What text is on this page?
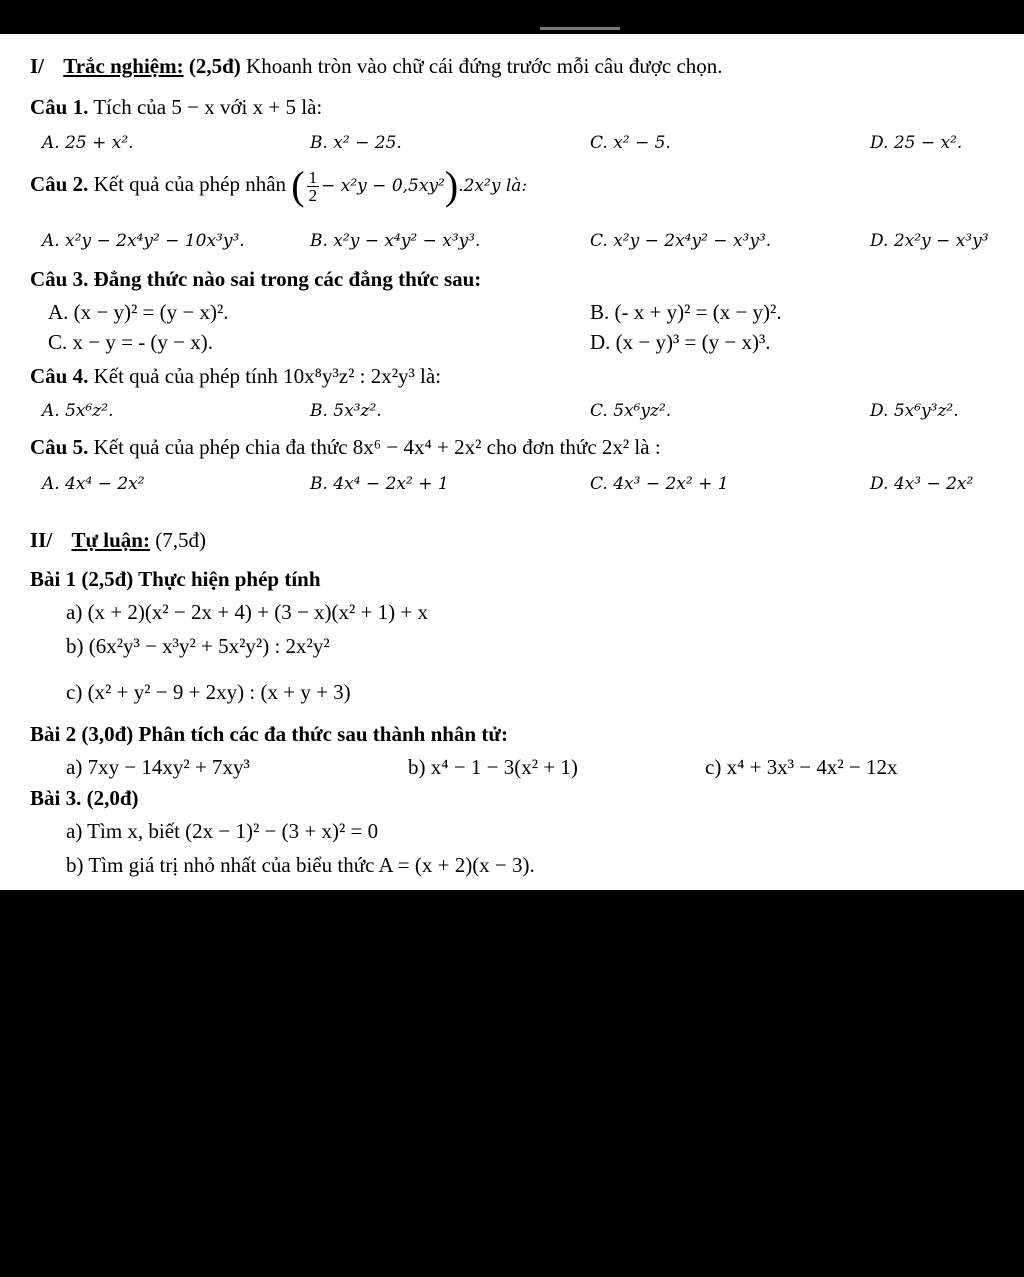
I/ Trắc nghiệm: (2,5đ) Khoanh tròn vào chữ cái đứng trước mỗi câu được chọn.
Câu 1. Tích của 5 − x với x + 5 là:
A. 25 + x².	B. x² − 25.	C. x² − 5.	D. 25 − x².
Câu 2. Kết quả của phép nhân ( $\frac{1}{2} - x^2y - 0,5xy^2).2x^2y$ là:
A. x²y − 2x⁴y² − 10x³y³.	B. x²y − x⁴y² − x³y³.	C. x²y − 2x⁴y² − x³y³.	D. 2x²y − x³y³
Câu 3. Đẳng thức nào sai trong các đẳng thức sau:
A. (x − y)² = (y − x)².	B. (- x + y)² = (x − y)².
C. x − y = - (y − x).	D. (x − y)³ = (y − x)³.
Câu 4. Kết quả của phép tính 10x⁸y³z² : 2x²y³ là:
A. 5x⁶z².	B. 5x³z².	C. 5x⁶yz².	D. 5x⁶y³z².
Câu 5. Kết quả của phép chia đa thức 8x⁶ − 4x⁴ + 2x² cho đơn thức 2x² là :
A. 4x⁴ − 2x²	B. 4x⁴ − 2x² + 1	C. 4x³ − 2x² + 1	D. 4x³ − 2x²
II/ Tự luận: (7,5đ)
Bài 1 (2,5đ) Thực hiện phép tính
a) (x + 2)(x² − 2x + 4) + (3 − x)(x² + 1) + x
b) (6x²y³ − x³y² + 5x²y²) : 2x²y²
c) (x² + y² − 9 + 2xy) : (x + y + 3)
Bài 2 (3,0đ) Phân tích các đa thức sau thành nhân tử:
a) 7xy − 14xy² + 7xy³	b) x⁴ − 1 − 3(x² + 1)	c) x⁴ + 3x³ − 4x² − 12x
Bài 3. (2,0đ)
a) Tìm x, biết (2x − 1)² − (3 + x)² = 0
b) Tìm giá trị nhỏ nhất của biểu thức A = (x + 2)(x − 3).
